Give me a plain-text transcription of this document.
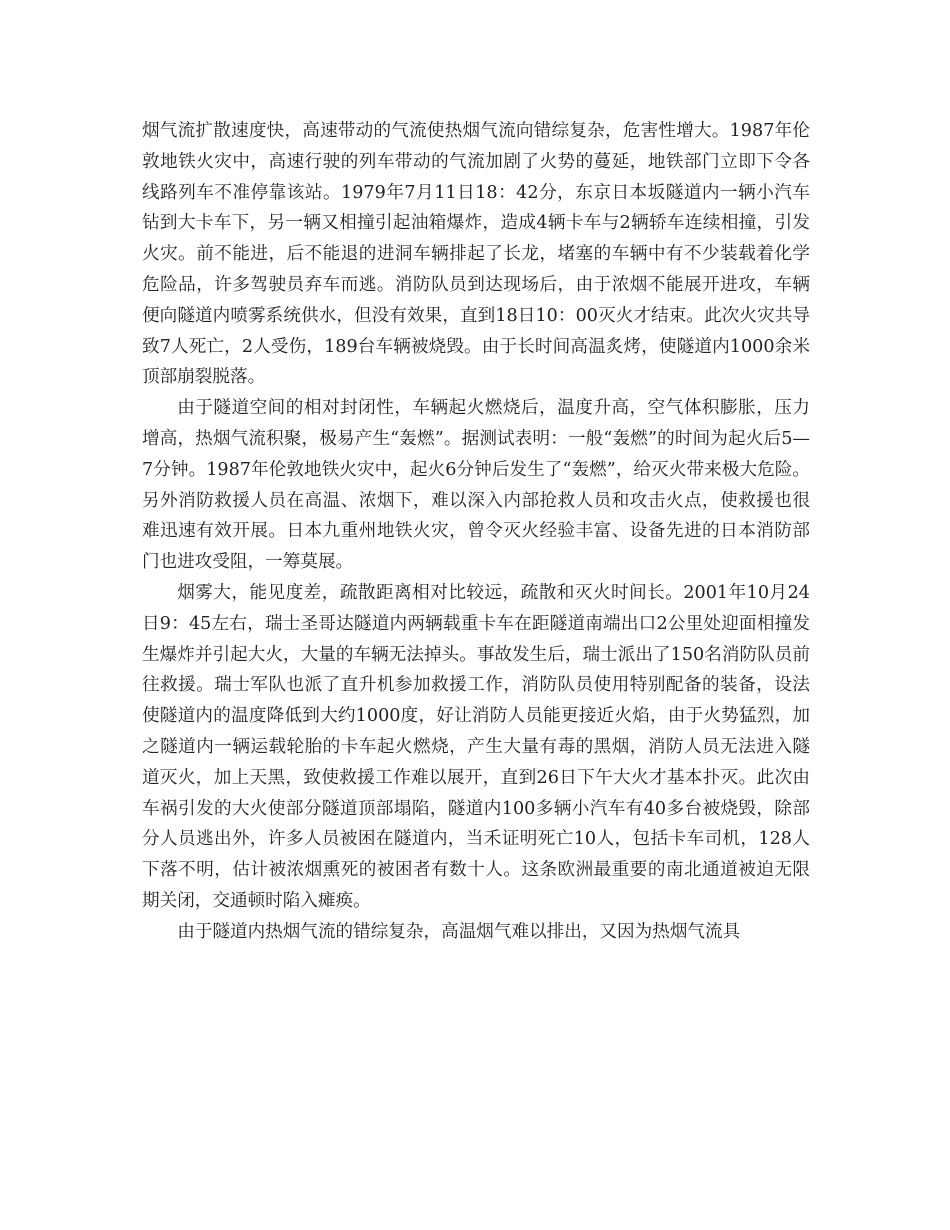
烟气流扩散速度快，高速带动的气流使热烟气流向错综复杂，危害性增大。1987年伦敦地铁火灾中，高速行驶的列车带动的气流加剧了火势的蔓延，地铁部门立即下令各线路列车不准停靠该站。1979年7月11日18：42分，东京日本坂隧道内一辆小汽车钻到大卡车下，另一辆又相撞引起油箱爆炸，造成4辆卡车与2辆轿车连续相撞，引发火灾。前不能进，后不能退的进洞车辆排起了长龙，堵塞的车辆中有不少装载着化学危险品，许多驾驶员弃车而逃。消防队员到达现场后，由于浓烟不能展开进攻，车辆便向隧道内喷雾系统供水，但没有效果，直到18日10：00灭火才结束。此次火灾共导致7人死亡，2人受伤，189台车辆被烧毁。由于长时间高温炙烤，使隧道内1000余米顶部崩裂脱落。

由于隧道空间的相对封闭性，车辆起火燃烧后，温度升高，空气体积膨胀，压力增高，热烟气流积聚，极易产生“轰燃”。据测试表明：一般“轰燃”的时间为起火后5—7分钟。1987年伦敦地铁火灾中，起火6分钟后发生了“轰燃”，给灭火带来极大危险。另外消防救援人员在高温、浓烟下，难以深入内部抢救人员和攻击火点，使救援也很难迅速有效开展。日本九重州地铁火灾，曾令灭火经验丰富、设备先进的日本消防部门也进攻受阻，一筹莫展。

烟雾大，能见度差，疏散距离相对比较远，疏散和灭火时间长。2001年10月24日9：45左右，瑞士圣哥达隧道内两辆载重卡车在距隧道南端出口2公里处迎面相撞发生爆炸并引起大火，大量的车辆无法掉头。事故发生后，瑞士派出了150名消防队员前往救援。瑞士军队也派了直升机参加救援工作，消防队员使用特别配备的装备，设法使隧道内的温度降低到大约1000度，好让消防人员能更接近火焰，由于火势猛烈，加之隧道内一辆运载轮胎的卡车起火燃烧，产生大量有毒的黑烟，消防人员无法进入隧道灭火，加上天黑，致使救援工作难以展开，直到26日下午大火才基本扑灭。此次由车祸引发的大火使部分隧道顶部塌陷，隧道内100多辆小汽车有40多台被烧毁，除部分人员逃出外，许多人员被困在隧道内，当禾证明死亡10人，包括卡车司机，128人下落不明，估计被浓烟熏死的被困者有数十人。这条欧洲最重要的南北通道被迫无限期关闭，交通顿时陷入瘫痪。

由于隧道内热烟气流的错综复杂，高温烟气难以排出，又因为热烟气流具
